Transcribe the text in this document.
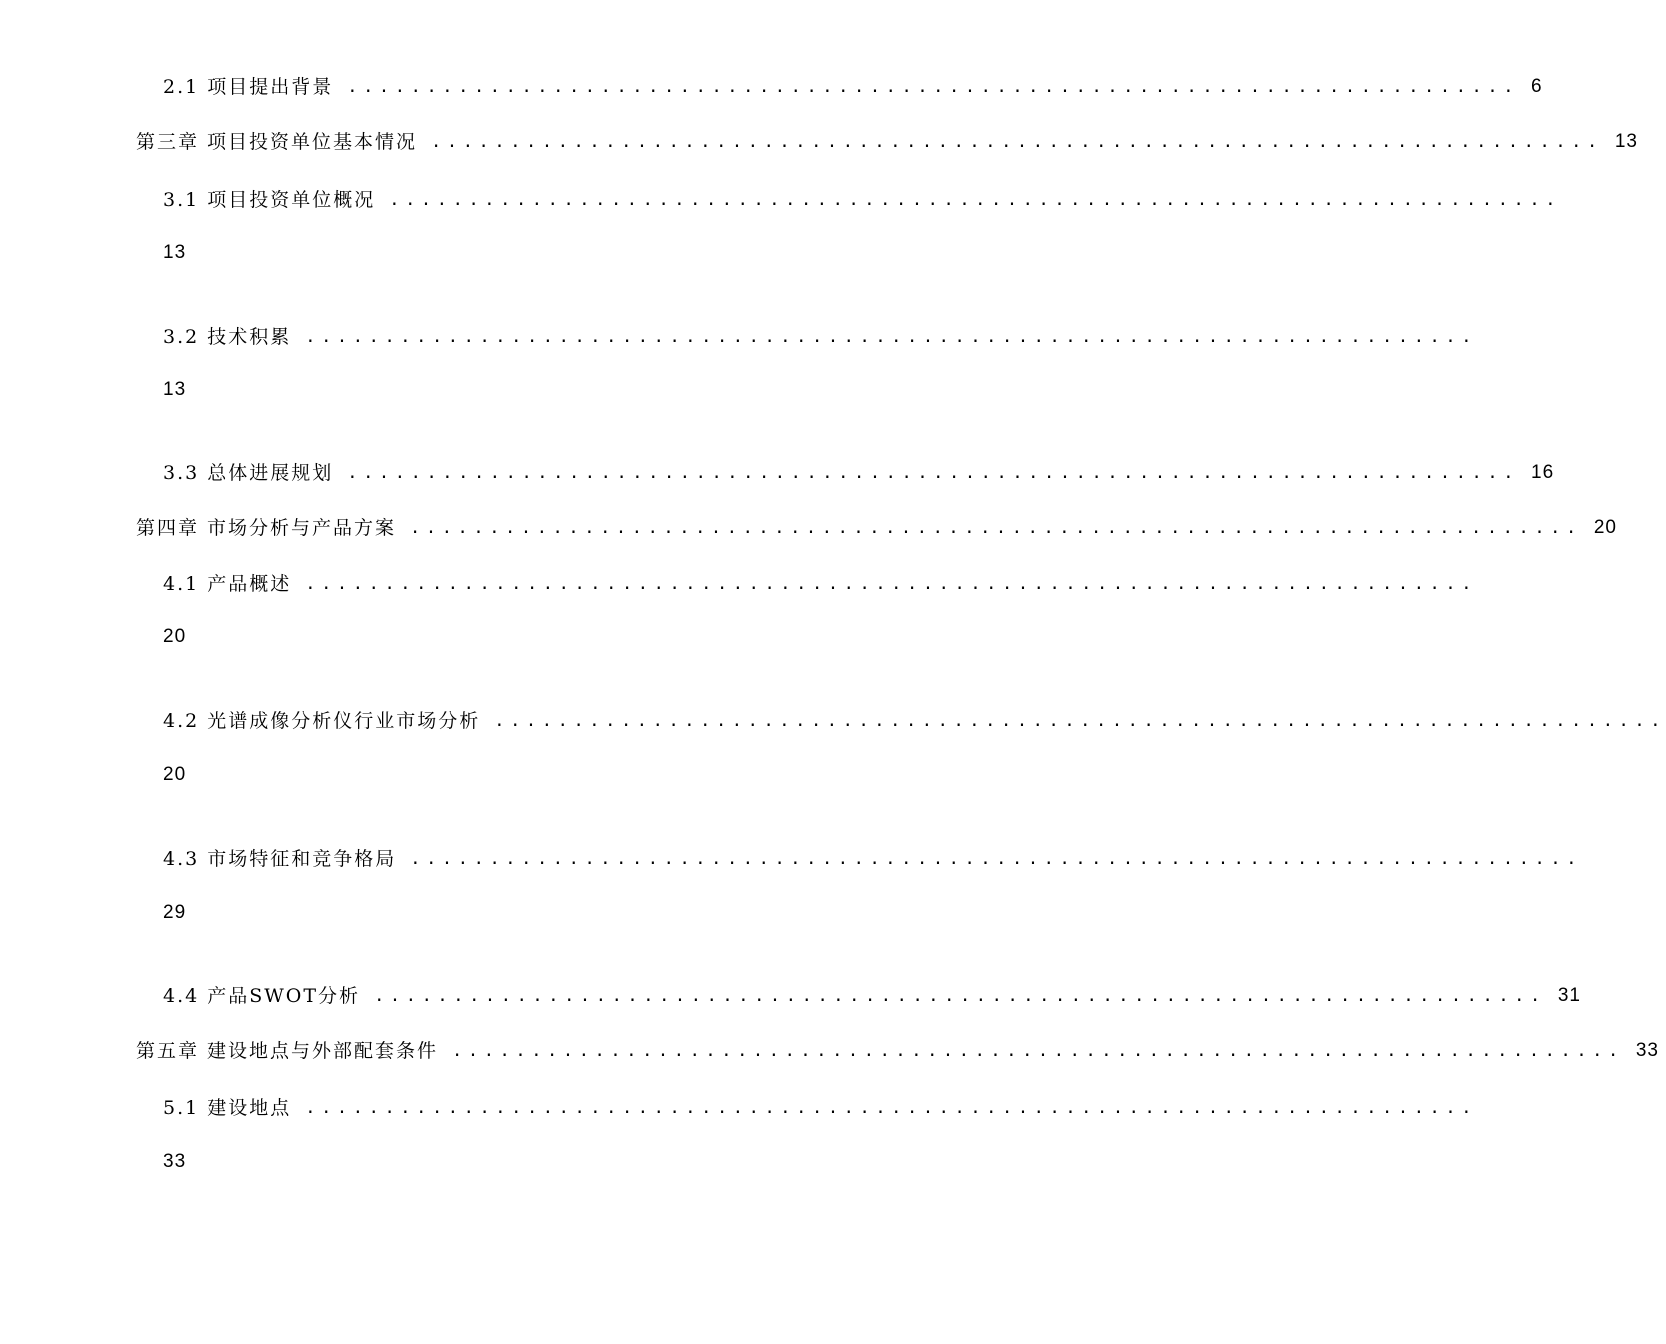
2.1 项目提出背景 .......................................................................... 6
第三章 项目投资单位基本情况 .......................................................................... 13
3.1 项目投资单位概况 ..........................................................................
13
3.2 技术积累 ..........................................................................
13
3.3 总体进展规划 .......................................................................... 16
第四章 市场分析与产品方案 .......................................................................... 20
4.1 产品概述 ..........................................................................
20
4.2 光谱成像分析仪行业市场分析 ..........................................................................
20
4.3 市场特征和竞争格局 ..........................................................................
29
4.4 产品SWOT分析 .......................................................................... 31
第五章 建设地点与外部配套条件 .......................................................................... 33
5.1 建设地点 ..........................................................................
33
